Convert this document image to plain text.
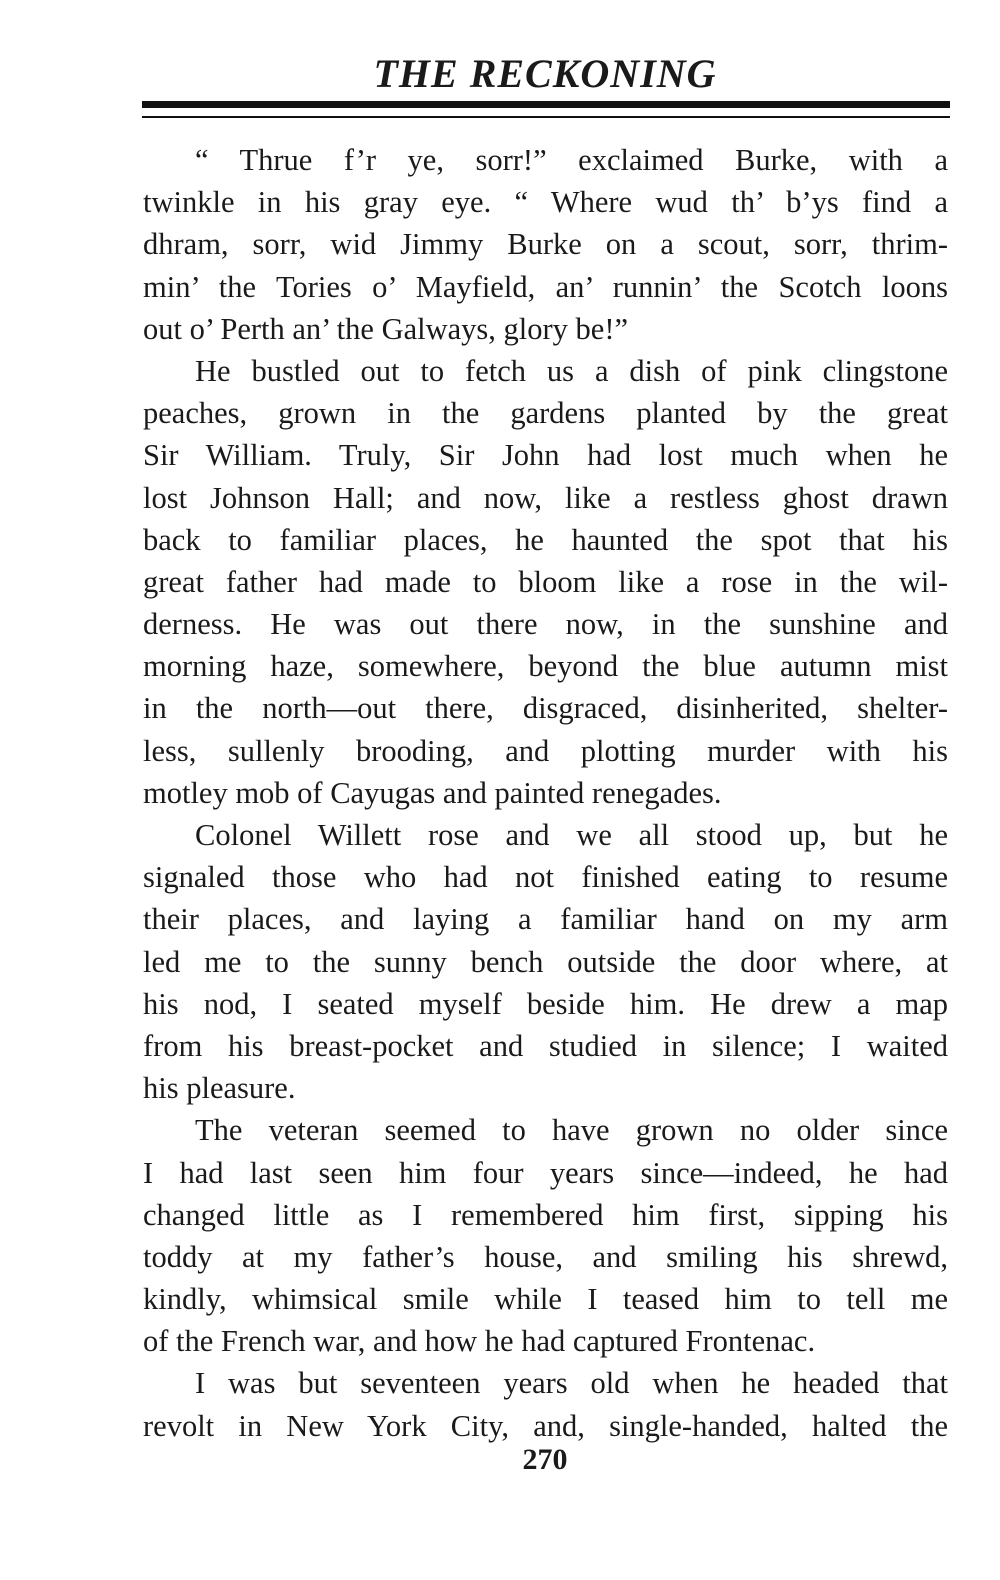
THE RECKONING
“ Thrue f’r ye, sorr!” exclaimed Burke, with a
twinkle in his gray eye. “ Where wud th’ b’ys find a
dhram, sorr, wid Jimmy Burke on a scout, sorr, thrim-
min’ the Tories o’ Mayfield, an’ runnin’ the Scotch loons
out o’ Perth an’ the Galways, glory be!”
He bustled out to fetch us a dish of pink clingstone
peaches, grown in the gardens planted by the great
Sir William. Truly, Sir John had lost much when he
lost Johnson Hall; and now, like a restless ghost drawn
back to familiar places, he haunted the spot that his
great father had made to bloom like a rose in the wil-
derness. He was out there now, in the sunshine and
morning haze, somewhere, beyond the blue autumn mist
in the north—out there, disgraced, disinherited, shelter-
less, sullenly brooding, and plotting murder with his
motley mob of Cayugas and painted renegades.
Colonel Willett rose and we all stood up, but he
signaled those who had not finished eating to resume
their places, and laying a familiar hand on my arm
led me to the sunny bench outside the door where, at
his nod, I seated myself beside him. He drew a map
from his breast-pocket and studied in silence; I waited
his pleasure.
The veteran seemed to have grown no older since
I had last seen him four years since—indeed, he had
changed little as I remembered him first, sipping his
toddy at my father’s house, and smiling his shrewd,
kindly, whimsical smile while I teased him to tell me
of the French war, and how he had captured Frontenac.
I was but seventeen years old when he headed that
revolt in New York City, and, single-handed, halted the
270
